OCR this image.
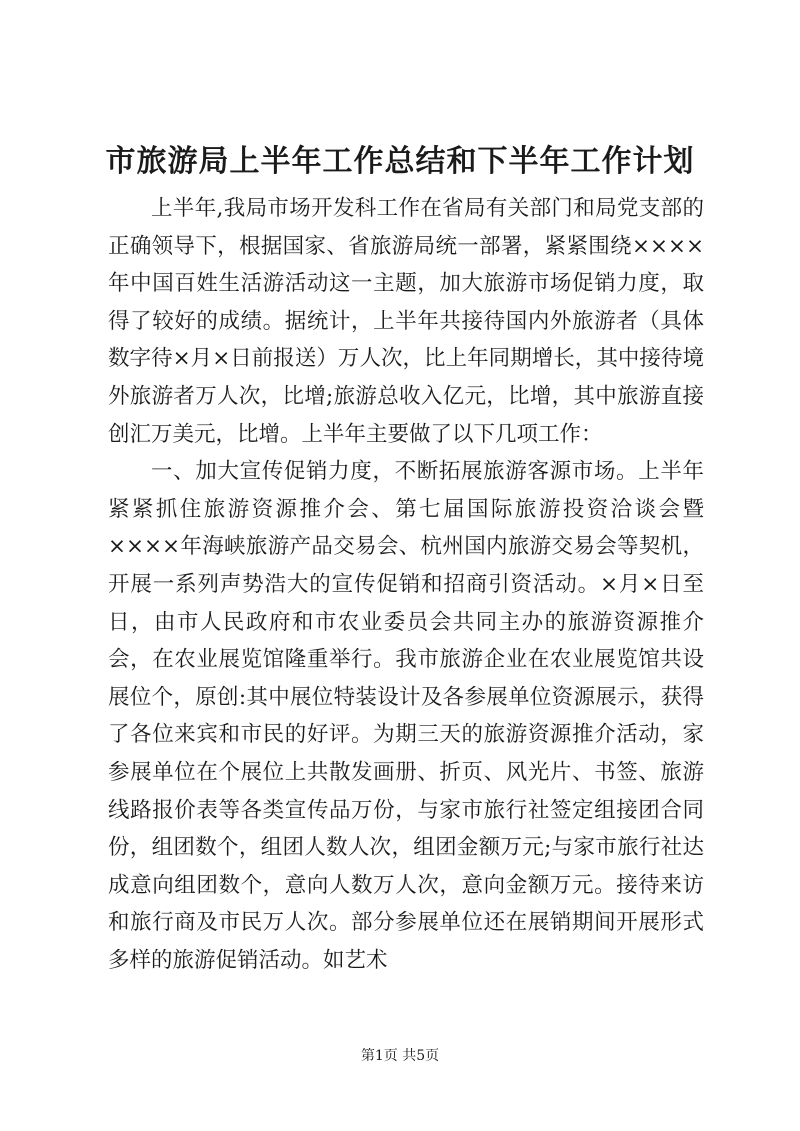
市旅游局上半年工作总结和下半年工作计划

上半年,我局市场开发科工作在省局有关部门和局党支部的正确领导下，根据国家、省旅游局统一部署，紧紧围绕××××年中国百姓生活游活动这一主题，加大旅游市场促销力度，取得了较好的成绩。据统计，上半年共接待国内外旅游者（具体数字待×月×日前报送）万人次，比上年同期增长，其中接待境外旅游者万人次，比增;旅游总收入亿元，比增，其中旅游直接创汇万美元，比增。上半年主要做了以下几项工作：

一、加大宣传促销力度，不断拓展旅游客源市场。上半年紧紧抓住旅游资源推介会、第七届国际旅游投资洽谈会暨××××年海峡旅游产品交易会、杭州国内旅游交易会等契机，开展一系列声势浩大的宣传促销和招商引资活动。×月×日至日，由市人民政府和市农业委员会共同主办的旅游资源推介会，在农业展览馆隆重举行。我市旅游企业在农业展览馆共设展位个，原创:其中展位特装设计及各参展单位资源展示，获得了各位来宾和市民的好评。为期三天的旅游资源推介活动，家参展单位在个展位上共散发画册、折页、风光片、书签、旅游线路报价表等各类宣传品万份，与家市旅行社签定组接团合同份，组团数个，组团人数人次，组团金额万元;与家市旅行社达成意向组团数个，意向人数万人次，意向金额万元。接待来访和旅行商及市民万人次。部分参展单位还在展销期间开展形式多样的旅游促销活动。如艺术

第1页 共5页
